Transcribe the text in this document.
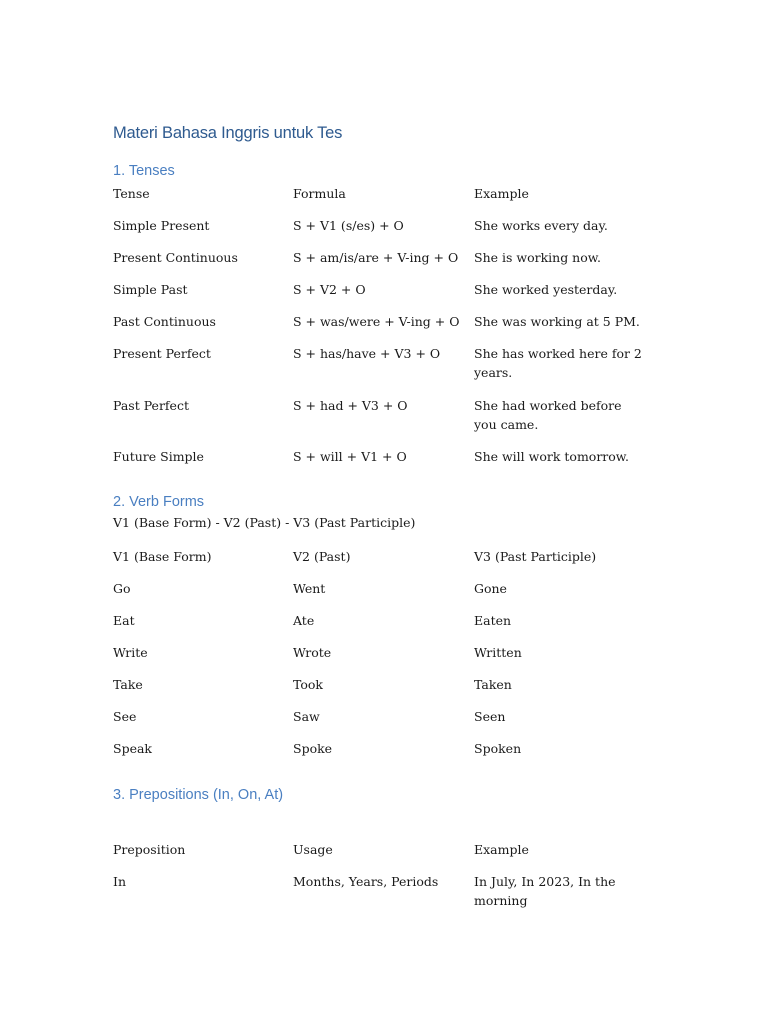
Materi Bahasa Inggris untuk Tes
1. Tenses
Tense	Formula	Example
Simple Present	S + V1 (s/es) + O	She works every day.
Present Continuous	S + am/is/are + V-ing + O	She is working now.
Simple Past	S + V2 + O	She worked yesterday.
Past Continuous	S + was/were + V-ing + O	She was working at 5 PM.
Present Perfect	S + has/have + V3 + O	She has worked here for 2 years.
Past Perfect	S + had + V3 + O	She had worked before you came.
Future Simple	S + will + V1 + O	She will work tomorrow.
2. Verb Forms

V1 (Base Form) - V2 (Past) - V3 (Past Participle)

V1 (Base Form)	V2 (Past)	V3 (Past Participle)
Go	Went	Gone
Eat	Ate	Eaten
Write	Wrote	Written
Take	Took	Taken
See	Saw	Seen
Speak	Spoke	Spoken
3. Prepositions (In, On, At)
Preposition	Usage	Example
In	Months, Years, Periods	In July, In 2023, In the morning
